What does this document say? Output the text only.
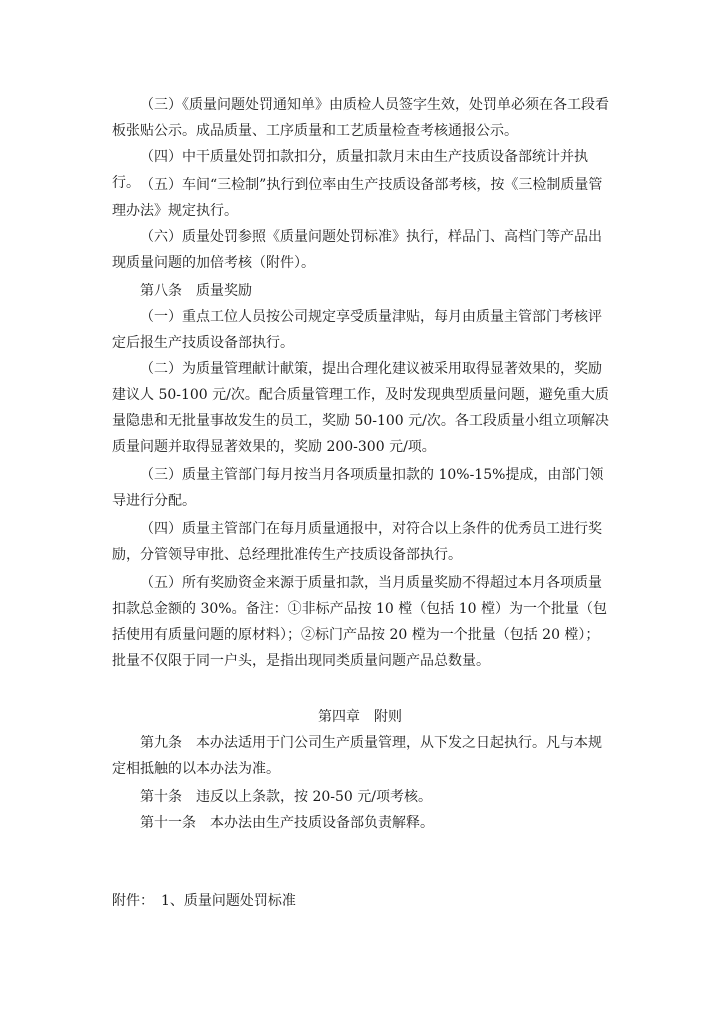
（三）《质量问题处罚通知单》由质检人员签字生效，处罚单必须在各工段看板张贴公示。成品质量、工序质量和工艺质量检查考核通报公示。

（四）中干质量处罚扣款扣分，质量扣款月末由生产技质设备部统计并执行。 （五）车间“三检制”执行到位率由生产技质设备部考核，按《三检制质量管理办法》规定执行。

（六）质量处罚参照《质量问题处罚标准》执行，样品门、高档门等产品出现质量问题的加倍考核（附件）。

第八条　质量奖励

（一）重点工位人员按公司规定享受质量津贴，每月由质量主管部门考核评定后报生产技质设备部执行。

（二）为质量管理献计献策，提出合理化建议被采用取得显著效果的，奖励建议人 50-100 元/次。配合质量管理工作，及时发现典型质量问题，避免重大质量隐患和无批量事故发生的员工，奖励 50-100 元/次。各工段质量小组立项解决质量问题并取得显著效果的，奖励 200-300 元/项。

（三）质量主管部门每月按当月各项质量扣款的 10%-15%提成，由部门领导进行分配。

（四）质量主管部门在每月质量通报中，对符合以上条件的优秀员工进行奖励，分管领导审批、总经理批准传生产技质设备部执行。

（五）所有奖励资金来源于质量扣款，当月质量奖励不得超过本月各项质量扣款总金额的 30%。备注：①非标产品按 10 樘（包括 10 樘）为一个批量（包括使用有质量问题的原材料）；②标门产品按 20 樘为一个批量（包括 20 樘）；批量不仅限于同一户头，是指出现同类质量问题产品总数量。

第四章　附则

第九条　本办法适用于门公司生产质量管理，从下发之日起执行。凡与本规定相抵触的以本办法为准。

第十条　违反以上条款，按 20-50 元/项考核。

第十一条　本办法由生产技质设备部负责解释。

附件：　1、质量问题处罚标准
